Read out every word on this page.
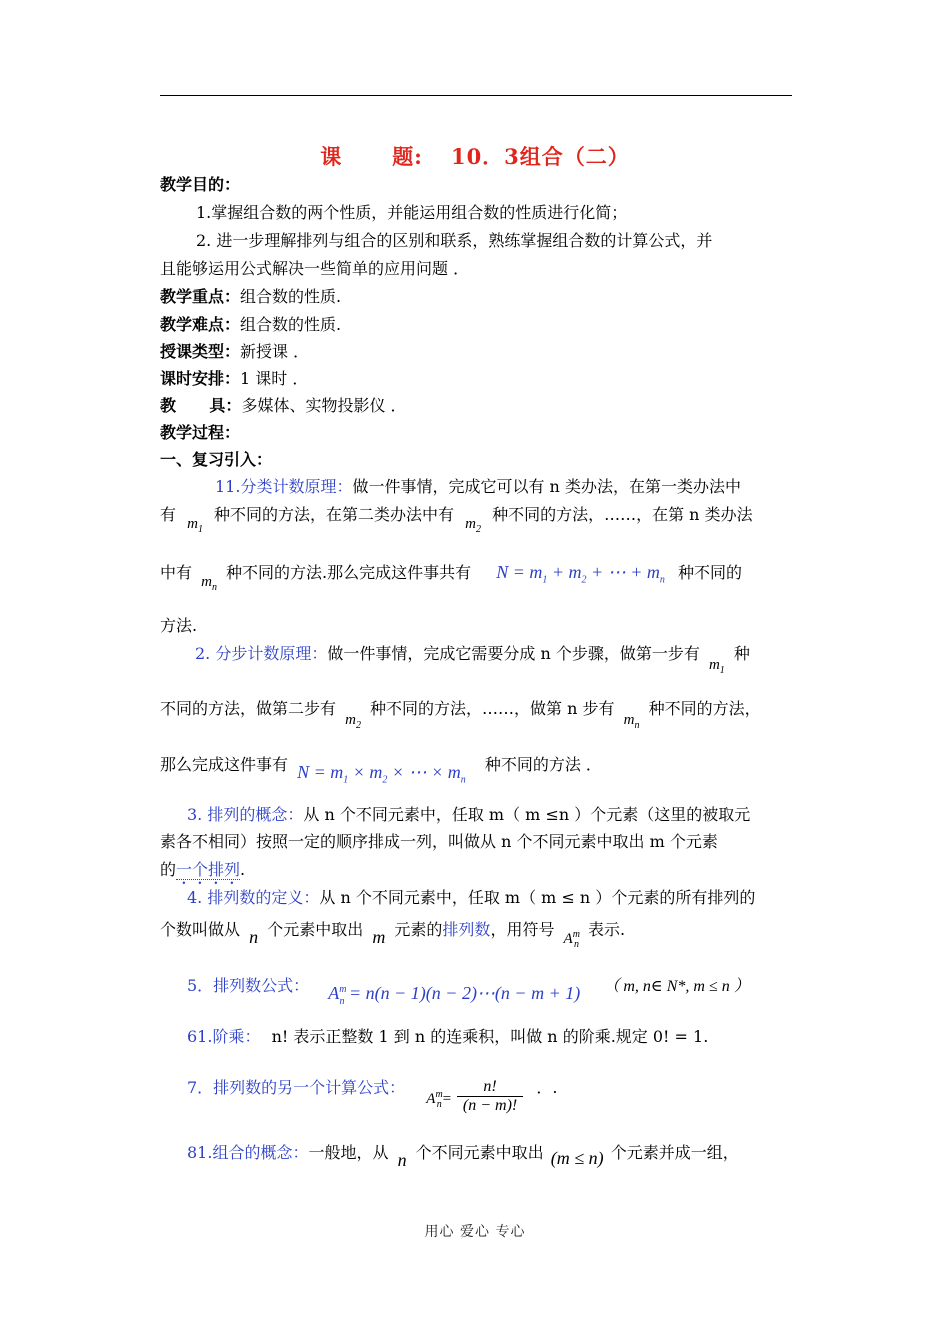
课 题: 10．3组合（二）
教学目的：
1.掌握组合数的两个性质，并能运用组合数的性质进行化简；
2. 进一步理解排列与组合的区别和联系，熟练掌握组合数的计算公式，并
且能够运用公式解决一些简单的应用问题 ．
教学重点：组合数的性质.
教学难点：组合数的性质.
授课类型：新授课 ．
课时安排：1 课时 ．
教      具：多媒体、实物投影仪 ．
教学过程：
一、复习引入：
11.分类计数原理：做一件事情，完成它可以有 n 类办法，在第一类办法中
有 $m_1$ 种不同的方法，在第二类办法中有 $m_2$ 种不同的方法，……，在第 n 类办法
中有 $m_n$ 种不同的方法.那么完成这件事共有 $N = m_1 + m_2$ + ⋯ + $m_n$ 种不同的
方法.
2. 分步计数原理：做一件事情，完成它需要分成 n 个步骤，做第一步有 $m_1$ 种
不同的方法，做第二步有 $m_2$ 种不同的方法，……，做第 n 步有 $m_n$ 种不同的方法，
那么完成这件事有 $N = m_1 \times m_2$ × ⋯ × $m_n$ 种不同的方法 ．
3. 排列的概念：从 n 个不同元素中，任取 m（ m ≤n ）个元素（这里的被取元
素各不相同）按照一定的顺序排成一列，叫做从 n 个不同元素中取出 m 个元素
的一个排列.
4. 排列数的定义：从 n 个不同元素中，任取 m（ m ≤ n ）个元素的所有排列的
个数叫做从 n 个元素中取出 m 元素的排列数，用符号 $A^m_n$ 表示.
5．排列数公式： $A^m_n = n(n - 1)(n$ − 2)⋯(n − m + 1) （ m, n∈ N*, m ≤ n ）
61.阶乘： n! 表示正整数 1 到 n 的连乘积，叫做 n 的阶乘.规定 0! = 1.
7．排列数的另一个计算公式： $A^m_n= \frac{n!}{(n - m)!}$ ．.
81.组合的概念：一般地，从 n 个不同元素中取出 (m ≤ n) 个元素并成一组，
用心 爱心 专心
